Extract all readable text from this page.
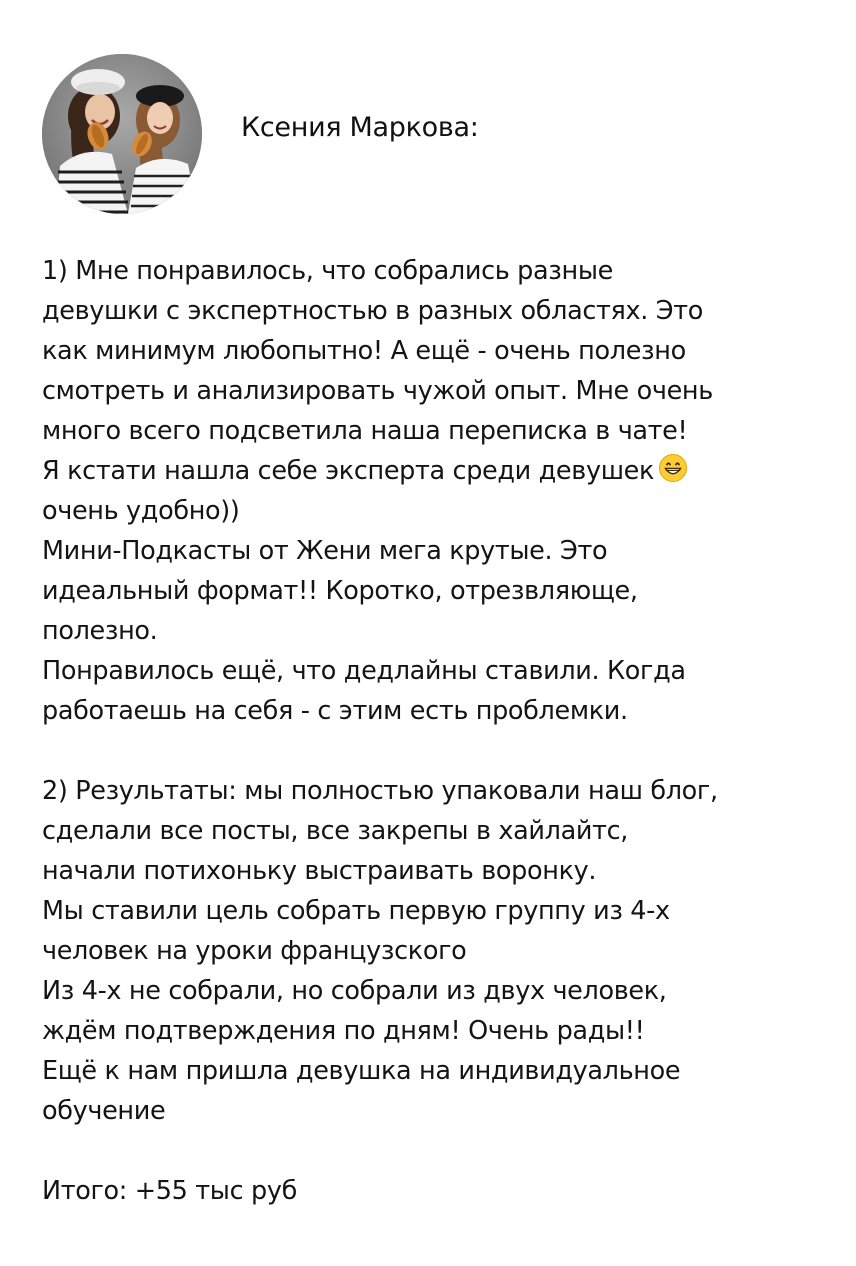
Ксения Маркова:
1) Мне понравилось, что собрались разные
девушки с экспертностью в разных областях. Это
как минимум любопытно! А ещё - очень полезно
смотреть и анализировать чужой опыт. Мне очень
много всего подсветила наша переписка в чате!
Я кстати нашла себе эксперта среди девушек
очень удобно))
Мини-Подкасты от Жени мега крутые. Это
идеальный формат!! Коротко, отрезвляюще,
полезно.
Понравилось ещё, что дедлайны ставили. Когда
работаешь на себя - с этим есть проблемки.
2) Результаты: мы полностью упаковали наш блог,
сделали все посты, все закрепы в хайлайтс,
начали потихоньку выстраивать воронку.
Мы ставили цель собрать первую группу из 4-х
человек на уроки французского
Из 4-х не собрали, но собрали из двух человек,
ждём подтверждения по дням! Очень рады!!
Ещё к нам пришла девушка на индивидуальное
обучение
Итого: +55 тыс руб
